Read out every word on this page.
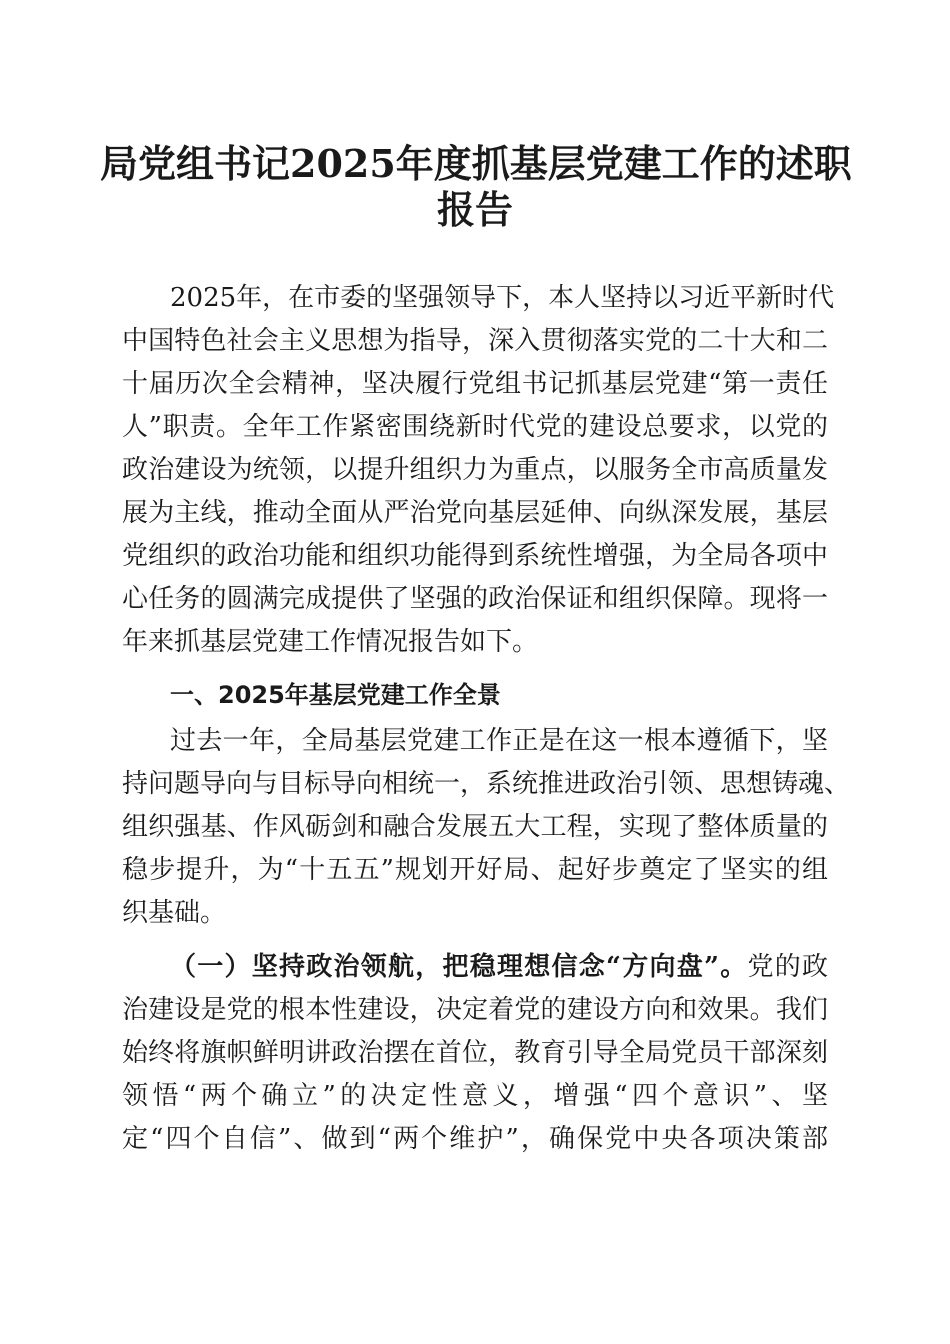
局党组书记2025年度抓基层党建工作的述职
报告
2025年，在市委的坚强领导下，本人坚持以习近平新时代
中国特色社会主义思想为指导，深入贯彻落实党的二十大和二
十届历次全会精神，坚决履行党组书记抓基层党建“第一责任
人”职责。全年工作紧密围绕新时代党的建设总要求，以党的
政治建设为统领，以提升组织力为重点，以服务全市高质量发
展为主线，推动全面从严治党向基层延伸、向纵深发展，基层
党组织的政治功能和组织功能得到系统性增强，为全局各项中
心任务的圆满完成提供了坚强的政治保证和组织保障。现将一
年来抓基层党建工作情况报告如下。
一、2025年基层党建工作全景
过去一年，全局基层党建工作正是在这一根本遵循下，坚
持问题导向与目标导向相统一，系统推进政治引领、思想铸魂、
组织强基、作风砺剑和融合发展五大工程，实现了整体质量的
稳步提升，为“十五五”规划开好局、起好步奠定了坚实的组
织基础。
（一）坚持政治领航，把稳理想信念“方向盘”。党的政
治建设是党的根本性建设，决定着党的建设方向和效果。我们
始终将旗帜鲜明讲政治摆在首位，教育引导全局党员干部深刻
领悟“两个确立”的决定性意义，增强“四个意识”、坚
定“四个自信”、做到“两个维护”，确保党中央各项决策部
